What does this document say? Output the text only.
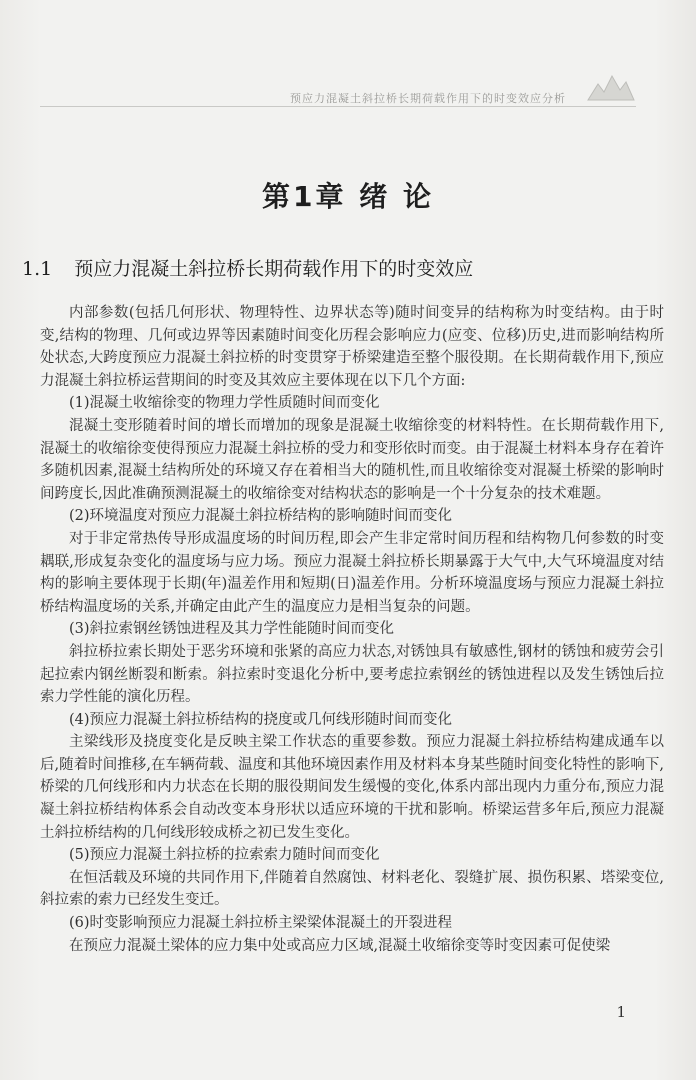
预应力混凝土斜拉桥长期荷载作用下的时变效应分析
第1章 绪 论
1.1 预应力混凝土斜拉桥长期荷载作用下的时变效应

内部参数(包括几何形状、物理特性、边界状态等)随时间变异的结构称为时变结构。由于时变,结构的物理、几何或边界等因素随时间变化历程会影响应力(应变、位移)历史,进而影响结构所处状态,大跨度预应力混凝土斜拉桥的时变贯穿于桥梁建造至整个服役期。在长期荷载作用下,预应力混凝土斜拉桥运营期间的时变及其效应主要体现在以下几个方面:

(1)混凝土收缩徐变的物理力学性质随时间而变化

混凝土变形随着时间的增长而增加的现象是混凝土收缩徐变的材料特性。在长期荷载作用下,混凝土的收缩徐变使得预应力混凝土斜拉桥的受力和变形依时而变。由于混凝土材料本身存在着许多随机因素,混凝土结构所处的环境又存在着相当大的随机性,而且收缩徐变对混凝土桥梁的影响时间跨度长,因此准确预测混凝土的收缩徐变对结构状态的影响是一个十分复杂的技术难题。

(2)环境温度对预应力混凝土斜拉桥结构的影响随时间而变化

对于非定常热传导形成温度场的时间历程,即会产生非定常时间历程和结构物几何参数的时变耦联,形成复杂变化的温度场与应力场。预应力混凝土斜拉桥长期暴露于大气中,大气环境温度对结构的影响主要体现于长期(年)温差作用和短期(日)温差作用。分析环境温度场与预应力混凝土斜拉桥结构温度场的关系,并确定由此产生的温度应力是相当复杂的问题。

(3)斜拉索钢丝锈蚀进程及其力学性能随时间而变化

斜拉桥拉索长期处于恶劣环境和张紧的高应力状态,对锈蚀具有敏感性,钢材的锈蚀和疲劳会引起拉索内钢丝断裂和断索。斜拉索时变退化分析中,要考虑拉索钢丝的锈蚀进程以及发生锈蚀后拉索力学性能的演化历程。

(4)预应力混凝土斜拉桥结构的挠度或几何线形随时间而变化

主梁线形及挠度变化是反映主梁工作状态的重要参数。预应力混凝土斜拉桥结构建成通车以后,随着时间推移,在车辆荷载、温度和其他环境因素作用及材料本身某些随时间变化特性的影响下,桥梁的几何线形和内力状态在长期的服役期间发生缓慢的变化,体系内部出现内力重分布,预应力混凝土斜拉桥结构体系会自动改变本身形状以适应环境的干扰和影响。桥梁运营多年后,预应力混凝土斜拉桥结构的几何线形较成桥之初已发生变化。

(5)预应力混凝土斜拉桥的拉索索力随时间而变化

在恒活载及环境的共同作用下,伴随着自然腐蚀、材料老化、裂缝扩展、损伤积累、塔梁变位,斜拉索的索力已经发生变迁。

(6)时变影响预应力混凝土斜拉桥主梁梁体混凝土的开裂进程

在预应力混凝土梁体的应力集中处或高应力区域,混凝土收缩徐变等时变因素可促使梁

1
